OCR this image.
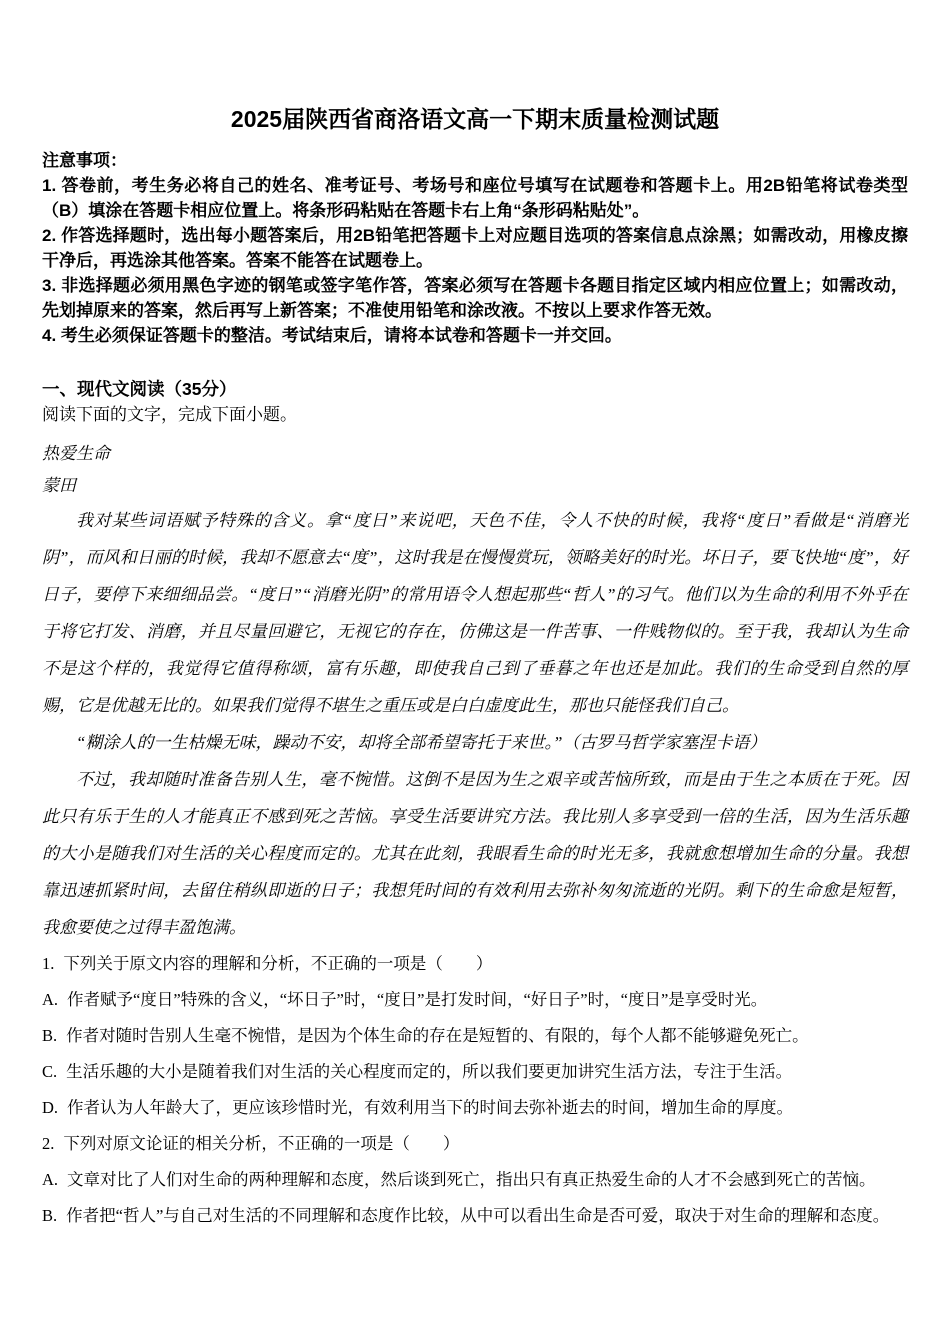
2025届陕西省商洛语文高一下期末质量检测试题
注意事项：
1. 答卷前，考生务必将自己的姓名、准考证号、考场号和座位号填写在试题卷和答题卡上。用2B铅笔将试卷类型（B）填涂在答题卡相应位置上。将条形码粘贴在答题卡右上角“条形码粘贴处”。
2. 作答选择题时，选出每小题答案后，用2B铅笔把答题卡上对应题目选项的答案信息点涂黑；如需改动，用橡皮擦干净后，再选涂其他答案。答案不能答在试题卷上。
3. 非选择题必须用黑色字迹的钢笔或签字笔作答，答案必须写在答题卡各题目指定区域内相应位置上；如需改动，先划掉原来的答案，然后再写上新答案；不准使用铅笔和涂改液。不按以上要求作答无效。
4. 考生必须保证答题卡的整洁。考试结束后，请将本试卷和答题卡一并交回。
一、现代文阅读（35分）
阅读下面的文字，完成下面小题。
热爱生命
蒙田

我对某些词语赋予特殊的含义。拿“度日”来说吧，天色不佳，令人不快的时候，我将“度日”看做是“消磨光阴”，而风和日丽的时候，我却不愿意去“度”，这时我是在慢慢赏玩，领略美好的时光。坏日子，要飞快地“度”，好日子，要停下来细细品尝。“度日”“消磨光阴”的常用语令人想起那些“哲人”的习气。他们以为生命的利用不外乎在于将它打发、消磨，并且尽量回避它，无视它的存在，仿佛这是一件苦事、一件贱物似的。至于我，我却认为生命不是这个样的，我觉得它值得称颂，富有乐趣，即使我自己到了垂暮之年也还是加此。我们的生命受到自然的厚赐，它是优越无比的。如果我们觉得不堪生之重压或是白白虚度此生，那也只能怪我们自己。

“糊涂人的一生枯燥无味，躁动不安，却将全部希望寄托于来世。”（古罗马哲学家塞涅卡语）

不过，我却随时准备告别人生，毫不惋惜。这倒不是因为生之艰辛或苦恼所致，而是由于生之本质在于死。因此只有乐于生的人才能真正不感到死之苦恼。享受生活要讲究方法。我比别人多享受到一倍的生活，因为生活乐趣的大小是随我们对生活的关心程度而定的。尤其在此刻，我眼看生命的时光无多，我就愈想增加生命的分量。我想靠迅速抓紧时间，去留住稍纵即逝的日子；我想凭时间的有效利用去弥补匆匆流逝的光阴。剩下的生命愈是短暂，我愈要使之过得丰盈饱满。

1. 下列关于原文内容的理解和分析，不正确的一项是（　　）
A. 作者赋予“度日”特殊的含义，“坏日子”时，“度日”是打发时间，“好日子”时，“度日”是享受时光。
B. 作者对随时告别人生毫不惋惜，是因为个体生命的存在是短暂的、有限的，每个人都不能够避免死亡。
C. 生活乐趣的大小是随着我们对生活的关心程度而定的，所以我们要更加讲究生活方法，专注于生活。
D. 作者认为人年龄大了，更应该珍惜时光，有效利用当下的时间去弥补逝去的时间，增加生命的厚度。
2. 下列对原文论证的相关分析，不正确的一项是（　　）
A. 文章对比了人们对生命的两种理解和态度，然后谈到死亡，指出只有真正热爱生命的人才不会感到死亡的苦恼。
B. 作者把“哲人”与自己对生活的不同理解和态度作比较，从中可以看出生命是否可爱，取决于对生命的理解和态度。
